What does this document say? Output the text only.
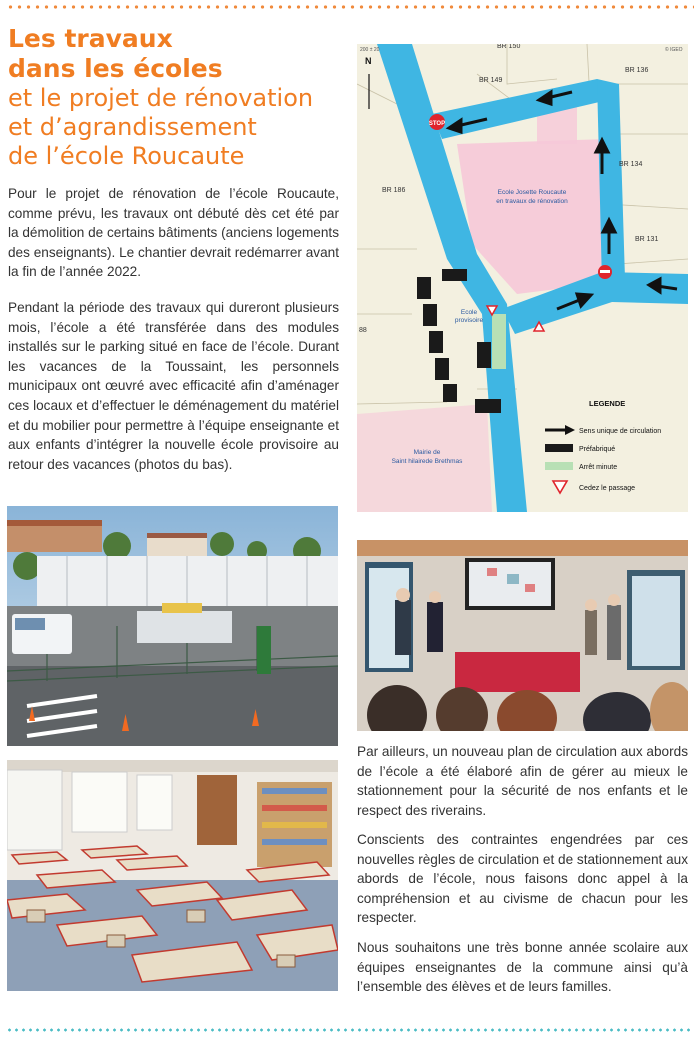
Les travaux
dans les écoles
et le projet de rénovation
et d’agrandissement
de l’école Roucaute

Pour le projet de rénovation de l’école Roucaute, comme prévu, les travaux ont débuté dès cet été par la démolition de certains bâtiments (anciens logements des enseignants). Le chantier devrait redémarrer avant la fin de l’année 2022.

Pendant la période des travaux qui dureront plusieurs mois, l’école a été transférée dans des modules installés sur le parking situé en face de l’école. Durant les vacances de la Toussaint, les personnels municipaux ont œuvré avec efficacité afin d’aménager ces locaux et d’effectuer le déménagement du matériel et du mobilier pour permettre à l’équipe enseignante et aux enfants d’intégrer la nouvelle école provisoire au retour des vacances (photos du bas).

STOP
N
200 ± 20	© IGEO
BR 150
BR 149
BR 136
BR 134
BR 186
BR 131
88
Ecole Josette Roucaute
en travaux de rénovation
Ecole
provisoire
Mairie de
Saint hilairede Brethmas
LEGENDE
Sens unique de circulation
Préfabriqué
Arrêt minute
Cedez le passage

Par ailleurs, un nouveau plan de circulation aux abords de l’école a été élaboré afin de gérer au mieux le stationnement pour la sécurité de nos enfants et le respect des riverains.

Conscients des contraintes engendrées par ces nouvelles règles de circulation et de stationnement aux abords de l’école, nous faisons donc appel à la compréhension et au civisme de chacun pour les respecter.

Nous souhaitons une très bonne année scolaire aux équipes enseignantes de la commune ainsi qu’à l’ensemble des élèves et de leurs familles.
